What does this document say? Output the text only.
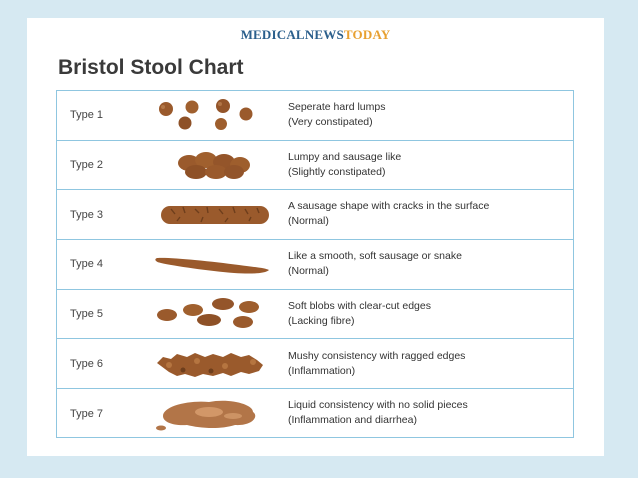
MEDICALNEWSTODAY
Bristol Stool Chart
Type 1
Seperate hard lumps
(Very constipated)
Type 2
Lumpy and sausage like
(Slightly constipated)
Type 3
A sausage shape with cracks in the surface
(Normal)
Type 4
Like a smooth, soft sausage or snake
(Normal)
Type 5
Soft blobs with clear-cut edges
(Lacking fibre)
Type 6
Mushy consistency with ragged edges
(Inflammation)
Type 7
Liquid consistency with no solid pieces
(Inflammation and diarrhea)
